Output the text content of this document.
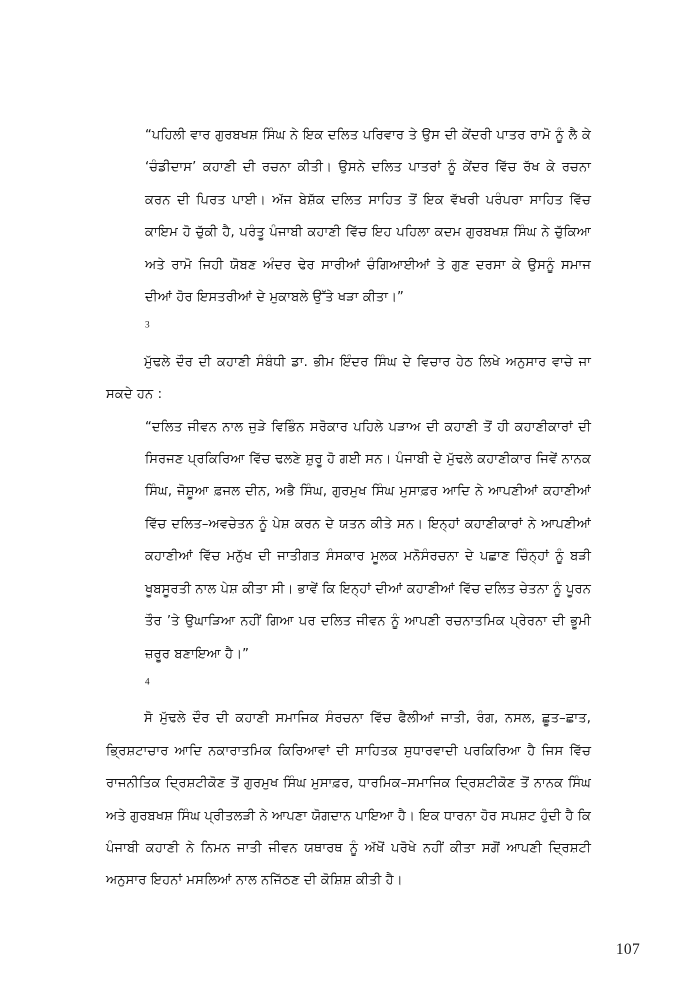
“ਪਹਿਲੀ ਵਾਰ ਗੁਰਬਖਸ਼ ਸਿੰਘ ਨੇ ਇਕ ਦਲਿਤ ਪਰਿਵਾਰ ਤੇ ਉਸ ਦੀ ਕੇਂਦਰੀ ਪਾਤਰ ਰਾਮੋ ਨੂੰ ਲੈ ਕੇ ‘ਚੰਡੀਦਾਸ’ ਕਹਾਣੀ ਦੀ ਰਚਨਾ ਕੀਤੀ। ਉਸਨੇ ਦਲਿਤ ਪਾਤਰਾਂ ਨੂੰ ਕੇਂਦਰ ਵਿੱਚ ਰੱਖ ਕੇ ਰਚਨਾ ਕਰਨ ਦੀ ਪਿਰਤ ਪਾਈ। ਅੱਜ ਬੇਸ਼ੱਕ ਦਲਿਤ ਸਾਹਿਤ ਤੋਂ ਇਕ ਵੱਖਰੀ ਪਰੰਪਰਾ ਸਾਹਿਤ ਵਿੱਚ ਕਾਇਮ ਹੋ ਚੁੱਕੀ ਹੈ, ਪਰੰਤੂ ਪੰਜਾਬੀ ਕਹਾਣੀ ਵਿੱਚ ਇਹ ਪਹਿਲਾ ਕਦਮ ਗੁਰਬਖਸ਼ ਸਿੰਘ ਨੇ ਚੁੱਕਿਆ ਅਤੇ ਰਾਮੋ ਜਿਹੀ ਯੋਬਣ ਅੰਦਰ ਢੇਰ ਸਾਰੀਆਂ ਚੰਗਿਆਈਆਂ ਤੇ ਗੁਣ ਦਰਸਾ ਕੇ ਉਸਨੂੰ ਸਮਾਜ ਦੀਆਂ ਹੋਰ ਇਸਤਰੀਆਂ ਦੇ ਮੁਕਾਬਲੇ ਉੱਤੇ ਖੜਾ ਕੀਤਾ।”
$^3$

ਮੁੱਢਲੇ ਦੌਰ ਦੀ ਕਹਾਣੀ ਸੰਬੰਧੀ ਡਾ. ਭੀਮ ਇੰਦਰ ਸਿੰਘ ਦੇ ਵਿਚਾਰ ਹੇਠ ਲਿਖੇ ਅਨੁਸਾਰ ਵਾਚੇ ਜਾ ਸਕਦੇ ਹਨ :

“ਦਲਿਤ ਜੀਵਨ ਨਾਲ ਜੁੜੇ ਵਿਭਿੰਨ ਸਰੋਕਾਰ ਪਹਿਲੇ ਪੜਾਅ ਦੀ ਕਹਾਣੀ ਤੋਂ ਹੀ ਕਹਾਣੀਕਾਰਾਂ ਦੀ ਸਿਰਜਣ ਪ੍ਰਕਿਰਿਆ ਵਿੱਚ ਢਲਣੇ ਸ਼ੁਰੂ ਹੋ ਗਈੇ ਸਨ। ਪੰਜਾਬੀ ਦੇ ਮੁੱਢਲੇ ਕਹਾਣੀਕਾਰ ਜਿਵੇਂ ਨਾਨਕ ਸਿੰਘ, ਜੋਸ਼ੂਆ ਫ਼ਜਲ ਦੀਨ, ਅਭੈ ਸਿੰਘ, ਗੁਰਮੁਖ ਸਿੰਘ ਮੁਸਾਫ਼ਰ ਆਦਿ ਨੇ ਆਪਣੀਆਂ ਕਹਾਣੀਆਂ ਵਿੱਚ ਦਲਿਤ–ਅਵਚੇਤਨ ਨੂੰ ਪੇਸ਼ ਕਰਨ ਦੇ ਯਤਨ ਕੀਤੇ ਸਨ। ਇਨ੍ਹਾਂ ਕਹਾਣੀਕਾਰਾਂ ਨੇ ਆਪਣੀਆਂ ਕਹਾਣੀਆਂ ਵਿੱਚ ਮਨੁੱਖ ਦੀ ਜਾਤੀਗਤ ਸੰਸਕਾਰ ਮੂਲਕ ਮਨੋਸੰਰਚਨਾ ਦੇ ਪਛਾਣ ਚਿੰਨ੍ਹਾਂ ਨੂੰ ਬੜੀ ਖੂਬਸੂਰਤੀ ਨਾਲ ਪੇਸ਼ ਕੀਤਾ ਸੀ। ਭਾਵੇਂ ਕਿ ਇਨ੍ਹਾਂ ਦੀਆਂ ਕਹਾਣੀਆਂ ਵਿੱਚ ਦਲਿਤ ਚੇਤਨਾ ਨੂੰ ਪੂਰਨ ਤੌਰ ’ਤੇ ਉਘਾੜਿਆ ਨਹੀਂ ਗਿਆ ਪਰ ਦਲਿਤ ਜੀਵਨ ਨੂੰ ਆਪਣੀ ਰਚਨਾਤਮਿਕ ਪ੍ਰੇਰਨਾ ਦੀ ਭੂਮੀ ਜ਼ਰੂਰ ਬਣਾਇਆ ਹੈ।”
$^4$

ਸੋ ਮੁੱਢਲੇ ਦੌਰ ਦੀ ਕਹਾਣੀ ਸਮਾਜਿਕ ਸੰਰਚਨਾ ਵਿੱਚ ਫੈਲੀਆਂ ਜਾਤੀ, ਰੰਗ, ਨਸਲ, ਛੂਤ–ਛਾਤ, ਭ੍ਰਿਸ਼ਟਾਚਾਰ ਆਦਿ ਨਕਾਰਾਤਮਿਕ ਕਿਰਿਆਵਾਂ ਦੀ ਸਾਹਿਤਕ ਸੁਧਾਰਵਾਦੀ ਪਰਕਿਰਿਆ ਹੈ ਜਿਸ ਵਿੱਚ ਰਾਜਨੀਤਿਕ ਦ੍ਰਿਸ਼ਟੀਕੋਣ ਤੋਂ ਗੁਰਮੁਖ ਸਿੰਘ ਮੁਸਾਫ਼ਰ, ਧਾਰਮਿਕ–ਸਮਾਜਿਕ ਦ੍ਰਿਸ਼ਟੀਕੋਣ ਤੋਂ ਨਾਨਕ ਸਿੰਘ ਅਤੇ ਗੁਰਬਖਸ਼ ਸਿੰਘ ਪ੍ਰੀਤਲੜੀ ਨੇ ਆਪਣਾ ਯੋਗਦਾਨ ਪਾਇਆ ਹੈ। ਇਕ ਧਾਰਨਾ ਹੋਰ ਸਪਸ਼ਟ ਹੁੰਦੀ ਹੈ ਕਿ ਪੰਜਾਬੀ ਕਹਾਣੀ ਨੇ ਨਿਮਨ ਜਾਤੀ ਜੀਵਨ ਯਥਾਰਥ ਨੂੰ ਅੱਖੋਂ ਪਰੋਖੇ ਨਹੀਂ ਕੀਤਾ ਸਗੋਂ ਆਪਣੀ ਦ੍ਰਿਸ਼ਟੀ ਅਨੁਸਾਰ ਇਹਨਾਂ ਮਸਲਿਆਂ ਨਾਲ ਨਜਿੱਠਣ ਦੀ ਕੋਸ਼ਿਸ਼ ਕੀਤੀ ਹੈ।

107
